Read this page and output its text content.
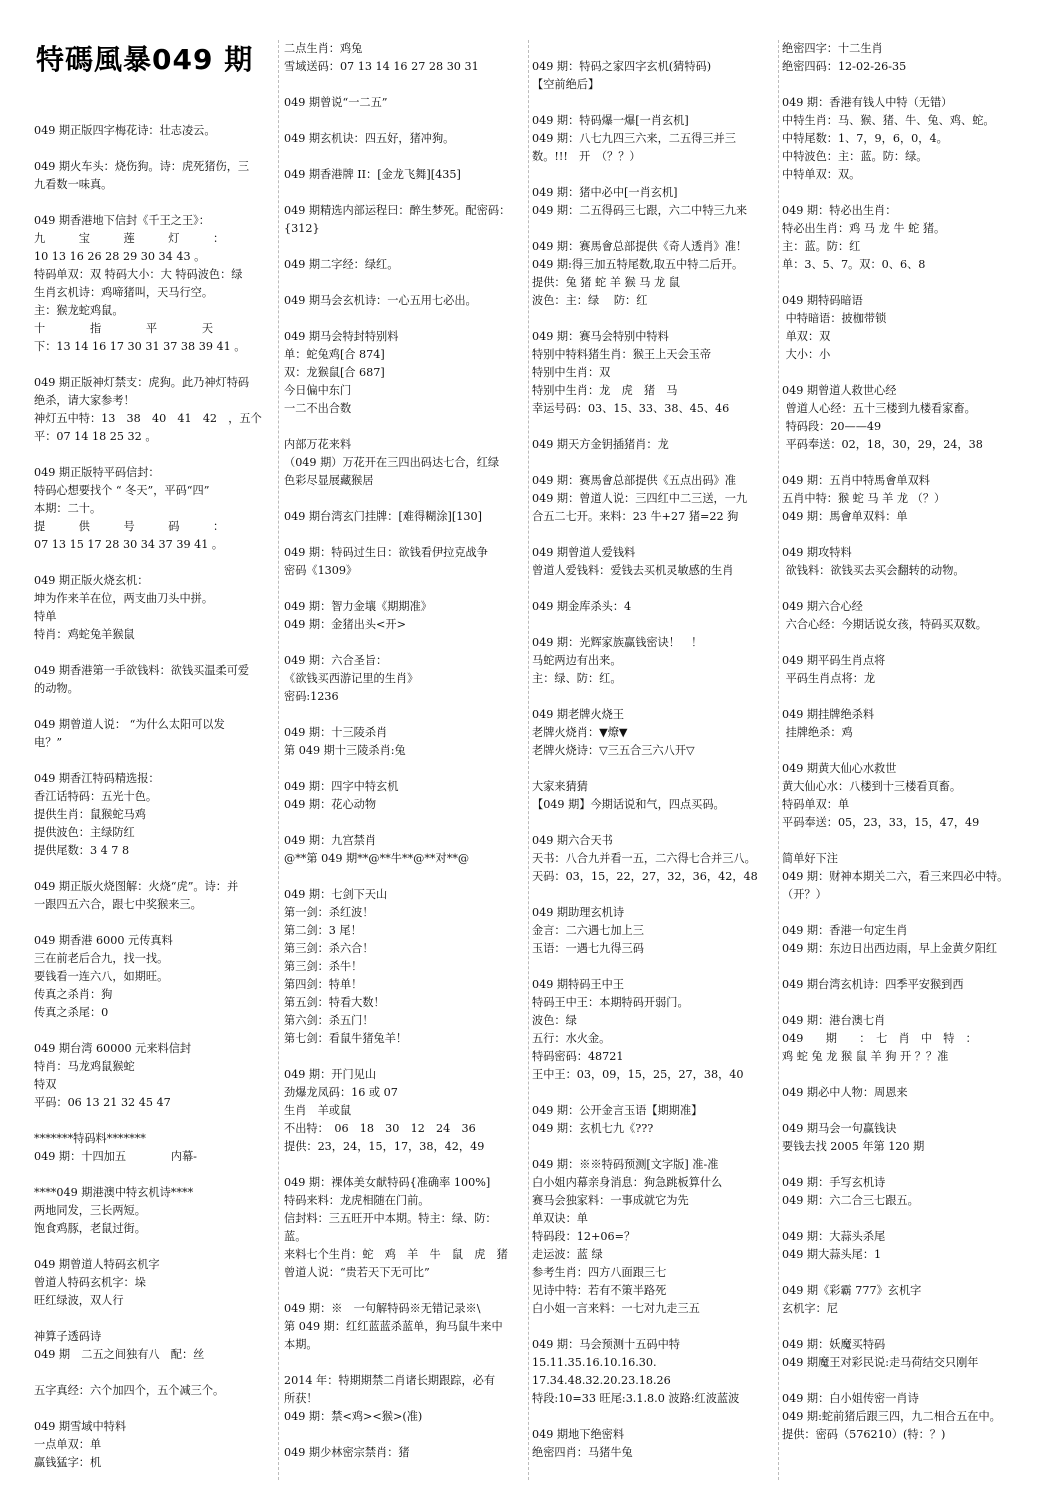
特碼風暴049 期

049 期正版四字梅花诗：壮志凌云。

049 期火车头：烧伤狗。诗：虎死猪伤，三

九看数一味真。

049 期香港地下信封《千王之王》：

九　　　宝　　　莲　　　灯　　　：

10 13 16 26 28 29 30 34 43 。

特码单双：双 特码大小：大 特码波色：绿

生肖玄机诗：鸡啼猪叫，天马行空。

主：猴龙蛇鸡鼠。

十　　　　指　　　　平　　　　天

下：13 14 16 17 30 31 37 38 39 41 。

049 期正版神灯禁支：虎狗。此乃神灯特码

绝杀，请大家参考！

神灯五中特：13　38　40　41　42　，五个

平：07 14 18 25 32 。

049 期正版特平码信封：

特码心想要找个 “ 冬天”，平码“四”

本期：二十。

提　　　供　　　号　　　码　　　：

07 13 15 17 28 30 34 37 39 41 。

049 期正版火烧玄机：

坤为作来羊在位，两支曲刀头中拼。

特单

特肖：鸡蛇兔羊猴鼠

049 期香港第一手欲钱料：欲钱买温柔可爱

的动物。

049 期曾道人说： “为什么太阳可以发

电？”

049 期香江特码精选报：

香江话特码：五光十色。

提供生肖：鼠猴蛇马鸡

提供波色：主绿防红

提供尾数：3 4 7 8

049 期正版火烧图解：火烧“虎”。诗：并

一跟四五六合，跟七中奖猴来三。

049 期香港 6000 元传真料

三在前老后合九，找一找。

要钱看一连六八，如期旺。

传真之杀肖：狗

传真之杀尾：0

049 期台湾 60000 元来料信封

特肖：马龙鸡鼠猴蛇

特双

平码：06 13 21 32 45 47

*******特码料*******

049 期：十四加五　　　　内幕-

****049 期港澳中特玄机诗****

两地同发，三长两短。

饱食鸡豚，老鼠过街。

049 期曾道人特码玄机字

曾道人特码玄机字：垛

旺红绿波，双人行

神算子透码诗

049 期　二五之间独有八　配：丝

五字真经：六个加四个，五个减三个。

049 期雪域中特料

一点单双：单

赢钱猛字：机

二点生肖：鸡兔

雪域送码：07 13 14 16 27 28 30 31

049 期曾说“一二五”

049 期玄机诀：四五好，猪冲狗。

049 期香港牌 II：[金龙飞舞][435]

049 期精选内部运程曰：醉生梦死。配密码：

{312}

049 期二字经：绿红。

049 期马会玄机诗：一心五用七必出。

049 期马会特封特别料

单：蛇兔鸡[合 874]

双：龙猴鼠[合 687]

今日偏中东门

一二不出合数

内部万花来料

（049 期）万花开在三四出码达七合，红绿

色彩尽显展藏猴居

049 期台湾玄门挂牌：[难得糊涂][130]

049 期：特码过生日：欲钱看伊拉克战争

密码《1309》

049 期：智力金壤《期期准》

049 期：金猪出头<开>

049 期：六合圣旨：

《欲钱买西游记里的生肖》

密码:1236

049 期：十三陵杀肖

第 049 期十三陵杀肖:兔

049 期：四字中特玄机

049 期：花心动物

049 期：九宫禁肖

@**第 049 期**@**牛**@**对**@

049 期：七剑下天山

第一剑：杀红波！

第二剑：3 尾！

第三剑：杀六合！

第三剑：杀牛！

第四剑：特单！

第五剑：特看大数！

第六剑：杀五门！

第七剑：看鼠牛猪兔羊！

049 期：开门见山

劲爆龙凤码：16 或 07

生肖　羊或鼠

不出特：　06　18　30　12　24　36

提供：23，24，15，17，38，42，49

049 期：裸体美女献特码{准确率 100%]

特码来料：龙虎相随在门前。

信封料：三五旺开中本期。特主：绿、防：

蓝。

来料七个生肖：蛇　鸡　羊　牛　鼠　虎　猪

曾道人说：“贵若天下无可比”

049 期：※　一句解特码※无错记录※\

第 049 期：红红蓝蓝杀蓝单，狗马鼠牛来中

本期。

2014 年：特期期禁二肖诸长期跟踪，必有

所获！

049 期：禁<鸡><猴>(准)

049 期少林密宗禁肖：猪

049 期：特码之家四字玄机(猜特码)

【空前绝后】

049 期：特码爆一爆[一肖玄机]

049 期：八七九四三六来，二五得三并三

数。!!!　开　（？？）

049 期：猪中必中[一肖玄机]

049 期：二五得码三七跟，六二中特三九来

049 期：赛馬會总部提供《奇人透肖》准！

049 期:得三加五特尾数,取五中特二后开。

提供：兔 猪 蛇 羊 猴 马 龙 鼠

波色：主：绿　 防：红

049 期：赛马会特别中特料

特别中特料猪生肖：猴王上天会玉帝

特别中生肖：双

特别中生肖：龙　虎　猪　马

幸运号码：03、15、33、38、45、46

049 期天方金钥插猪肖：龙

049 期：赛馬會总部提供《五点出码》准

049 期：曾道人说：三四红中二三送，一九

合五二七开。来料：23 牛+27 猪=22 狗

049 期曾道人爱钱料

曾道人爱钱料：爱钱去买机灵敏感的生肖

049 期金库杀头：4

049 期：光辉家族赢钱密诀！　！

马蛇两边有出来。

主：绿、防：红。

049 期老牌火烧王

老牌火烧肖：▼燎▼

老牌火烧诗：▽三五合三六八开▽

大家来猜猜

【049 期】今期话说和气，四点买码。

049 期六合天书

天书：八合九并看一五，二六得七合并三八。

天码：03，15，22，27，32，36，42，48

049 期助理玄机诗

金言：二六遇七加上三

玉语：一遇七九得三码

049 期特码王中王

特码王中王：本期特码开弱门。

波色：绿

五行：水火金。

特码密码：48721

王中王：03，09，15，25，27，38，40

049 期：公开金言玉语【期期准】

049 期：玄机七九《???

049 期：※※特码预测[文字版] 准-准

白小姐内幕亲身消息：狗急跳板算什么

赛马会独家料：一事成就它为先

单双诀：单

特码段：12+06=？

走运波：蓝 绿

参考生肖：四方八面跟三七

见诗中特：若有不策半路死

白小姐一言来料：一七对九走三五

049 期：马会预测十五码中特

15.11.35.16.10.16.30.

17.34.48.32.20.23.18.26

特段:10=33 旺尾:3.1.8.0 波路:红波蓝波

049 期地下绝密料

绝密四肖：马猪牛兔

绝密四字：十二生肖

绝密四码：12-02-26-35

049 期：香港有钱人中特（无错）

中特生肖：马、猴、猪、牛、兔、鸡、蛇。

中特尾数：1、7，9，6，0，4。

中特波色：主：蓝。防：绿。

中特单双：双。

049 期：特必出生肖：

特必出生肖：鸡 马 龙 牛 蛇 猪。

主：蓝。防：红

单：3、5、7。双：0、6、8

049 期特码暗语

中特暗语：披枷带锁

单双：双

大小：小

049 期曾道人救世心经

曾道人心经：五十三楼到九楼看家畜。

特码段：20——49

平码奉送：02，18，30，29，24，38

049 期：五肖中特馬會单双料

五肖中特：猴 蛇 马 羊 龙 （？）

049 期：馬會单双料：单

049 期攻特料

欲钱料：欲钱买去买会翻转的动物。

049 期六合心经

六合心经：今期话说女孩，特码买双数。

049 期平码生肖点将

平码生肖点将：龙

049 期挂牌绝杀料

挂牌绝杀：鸡

049 期黄大仙心水救世

黄大仙心水：八楼到十三楼看頁畜。

特码单双：单

平码奉送：05，23，33，15，47，49

简单好下注

049 期：财神本期关二六，看三来四必中特。

（开？）

049 期：香港一句定生肖

049 期：东边日出西边雨，早上金黄夕阳红

049 期台湾玄机诗：四季平安猴到西

049 期：港台澳七肖

049　　期　　：　七　肖　中　特　：

鸡 蛇 兔 龙 猴 鼠 羊 狗 开 ？？准

049 期必中人物：周恩来

049 期马会一句赢钱诀

要钱去找 2005 年第 120 期

049 期：手写玄机诗

049 期：六二合三七跟五。

049 期：大蒜头杀尾

049 期大蒜头尾：1

049 期《彩霸 777》玄机字

玄机字：尼

049 期：妖魔买特码

049 期魔王对彩民说:走马荷结交只刚年

049 期：白小姐传密一肖诗

049 期:蛇前猪后跟三四，九二相合五在中。

提供：密码（576210）(特：？)
